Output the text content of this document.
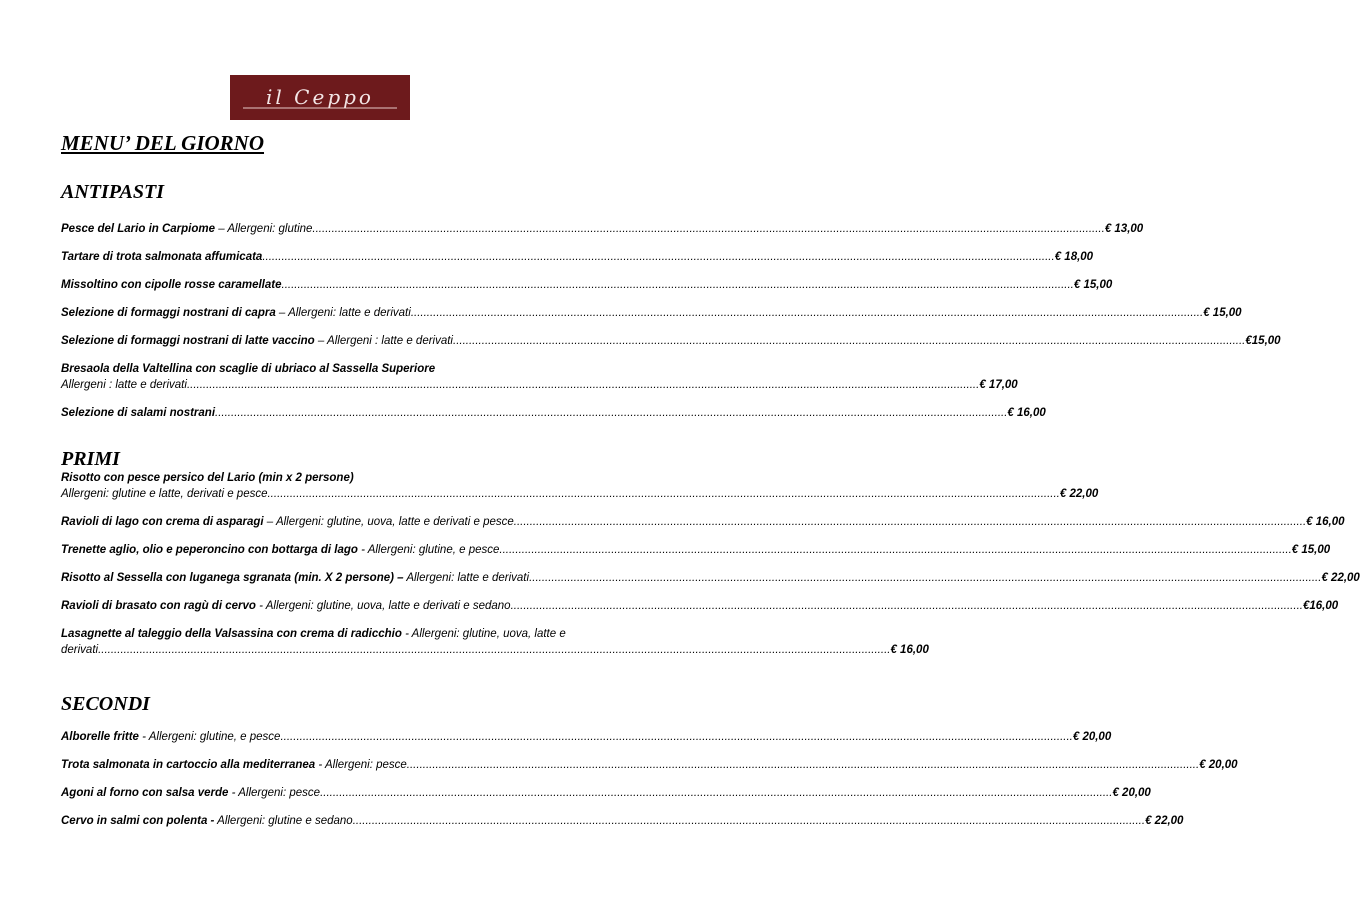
il Ceppo
MENU’ DEL GIORNO
ANTIPASTI
Pesce del Lario in Carpiome – Allergeni: glutine .....	€ 13,00
Tartare di trota salmonata affumicata .....	€ 18,00
Missoltino con cipolle rosse caramellate .....	€ 15,00
Selezione di formaggi nostrani di capra – Allergeni: latte e derivati .....	€ 15,00
Selezione di formaggi nostrani di latte vaccino – Allergeni : latte e derivati .....	€15,00
Bresaola della Valtellina con scaglie di ubriaco al Sassella Superiore
Allergeni : latte e derivati .....	€ 17,00
Selezione di salami nostrani .....	€ 16,00
PRIMI
Risotto con pesce persico del Lario (min x 2 persone)
Allergeni: glutine e latte, derivati e pesce .....	€ 22,00
Ravioli di lago con crema di asparagi – Allergeni: glutine, uova, latte e derivati e pesce .....	€ 16,00
Trenette aglio, olio e peperoncino con bottarga di lago - Allergeni: glutine, e pesce .....	€ 15,00
Risotto al Sessella con luganega sgranata (min. X 2 persone) – Allergeni: latte e derivati .....	€ 22,00
Ravioli di brasato con ragù di cervo - Allergeni: glutine, uova, latte e derivati e sedano .....	€16,00
Lasagnette al taleggio della Valsassina con crema di radicchio - Allergeni: glutine, uova, latte e
derivati .....	€ 16,00
SECONDI
Alborelle fritte - Allergeni: glutine, e pesce .....	€ 20,00
Trota salmonata in cartoccio alla mediterranea - Allergeni: pesce .....	€ 20,00
Agoni al forno con salsa verde - Allergeni: pesce .....	€ 20,00
Cervo in salmi con polenta - Allergeni: glutine e sedano .....	€ 22,00
